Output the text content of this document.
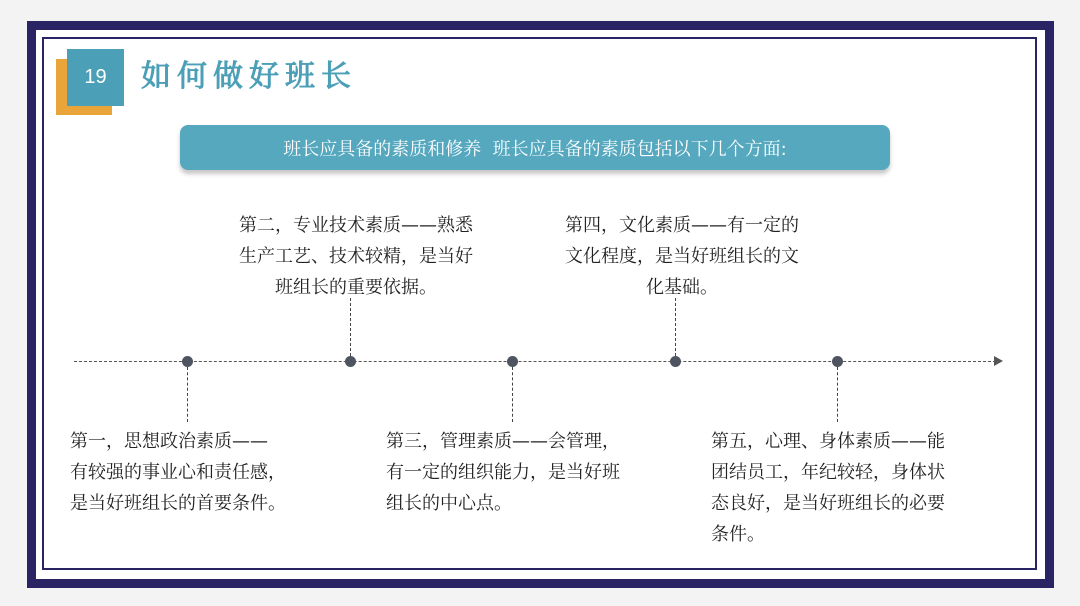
19	如何做好班长
班长应具备的素质和修养  班长应具备的素质包括以下几个方面:
第一，思想政治素质——
有较强的事业心和责任感，
是当好班组长的首要条件。
第二，专业技术素质——熟悉
生产工艺、技术较精，是当好
班组长的重要依据。
第三，管理素质——会管理，
有一定的组织能力，是当好班
组长的中心点。
第四，文化素质——有一定的
文化程度，是当好班组长的文
化基础。
第五，心理、身体素质——能
团结员工，年纪较轻，身体状
态良好，是当好班组长的必要
条件。
